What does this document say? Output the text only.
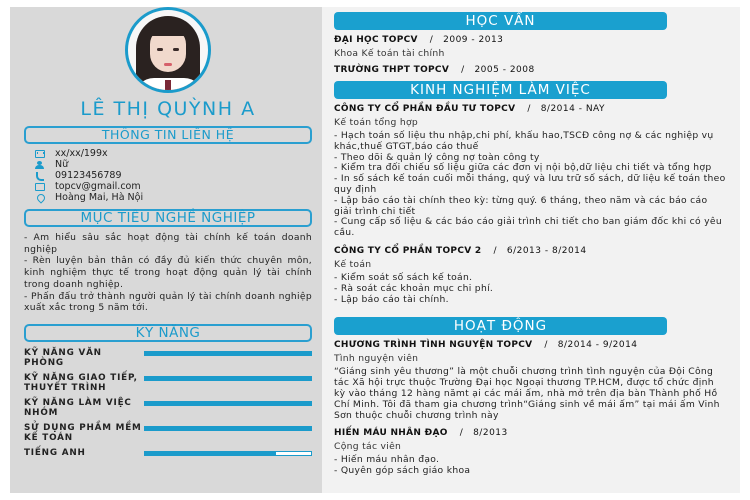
LÊ THỊ QUỲNH A
THÔNG TIN LIÊN HỆ
xx/xx/199x
Nữ
09123456789
topcv@gmail.com
Hoàng Mai, Hà Nội
MỤC TIÊU NGHỀ NGHIỆP

- Am hiểu sâu sắc hoạt động tài chính kế toán doanh nghiệp

- Rèn luyện bản thân có đầy đủ kiến thức chuyên môn, kinh nghiệm thực tế trong hoạt động quản lý tài chính trong doanh nghiệp.

- Phấn đấu trở thành người quản lý tài chính doanh nghiệp xuất xắc trong 5 năm tới.

KỸ NĂNG
KỸ NĂNG VĂN PHÒNG
KỸ NĂNG GIAO TIẾP, THUYẾT TRÌNH
KỸ NĂNG LÀM VIỆC NHÓM
SỬ DỤNG PHẦM MỀM KẾ TOÁN
TIẾNG ANH
HỌC VẤN
ĐẠI HỌC TOPCV / 2009 - 2013
Khoa Kế toán tài chính
TRƯỜNG THPT TOPCV / 2005 - 2008
KINH NGHIỆM LÀM VIỆC
CÔNG TY CỔ PHẦN ĐẦU TƯ TOPCV / 8/2014 - NAY
Kế toán tổng hợp

- Hạch toán số liệu thu nhập,chi phí, khấu hao,TSCĐ công nợ & các nghiệp vụ khác,thuế GTGT,báo cáo thuế

- Theo dõi & quản lý công nợ toàn công ty

- Kiểm tra đối chiếu số liệu giữa các đơn vị nội bộ,dữ liệu chi tiết và tổng hợp

- In số sách kế toán cuối mỗi tháng, quý và lưu trữ số sách, dữ liệu kế toán theo quy định

- Lập báo cáo tài chính theo kỳ: từng quý. 6 tháng, theo năm và các báo cáo giải trình chi tiết

- Cung cấp số liệu & các báo cáo giải trình chi tiết cho ban giám đốc khi có yêu cầu.

CÔNG TY CỔ PHẦN TOPCV 2 / 6/2013 - 8/2014
Kế toán

- Kiểm soát số sách kế toán.

- Rà soát các khoản mục chi phí.

- Lập báo cáo tài chính.

HOẠT ĐỘNG
CHƯƠNG TRÌNH TÌNH NGUYỆN TOPCV / 8/2014 - 9/2014
Tình nguyện viên

“Giáng sinh yêu thương” là một chuỗi chương trình tình nguyện của Đội Công tác Xã hội trực thuộc Trường Đại học Ngoại thương TP.HCM, được tổ chức định kỳ vào tháng 12 hàng nămt ại các mái ấm, nhà mở trên địa bàn Thành phố Hồ Chí Minh. Tôi đã tham gia chương trình“Giáng sinh về mái ấm” tại mái ấm Vinh Sơn thuộc chuỗi chương trình này

HIẾN MÁU NHÂN ĐẠO / 8/2013
Cộng tác viên

- Hiến máu nhân đạo.

- Quyên góp sách giáo khoa
